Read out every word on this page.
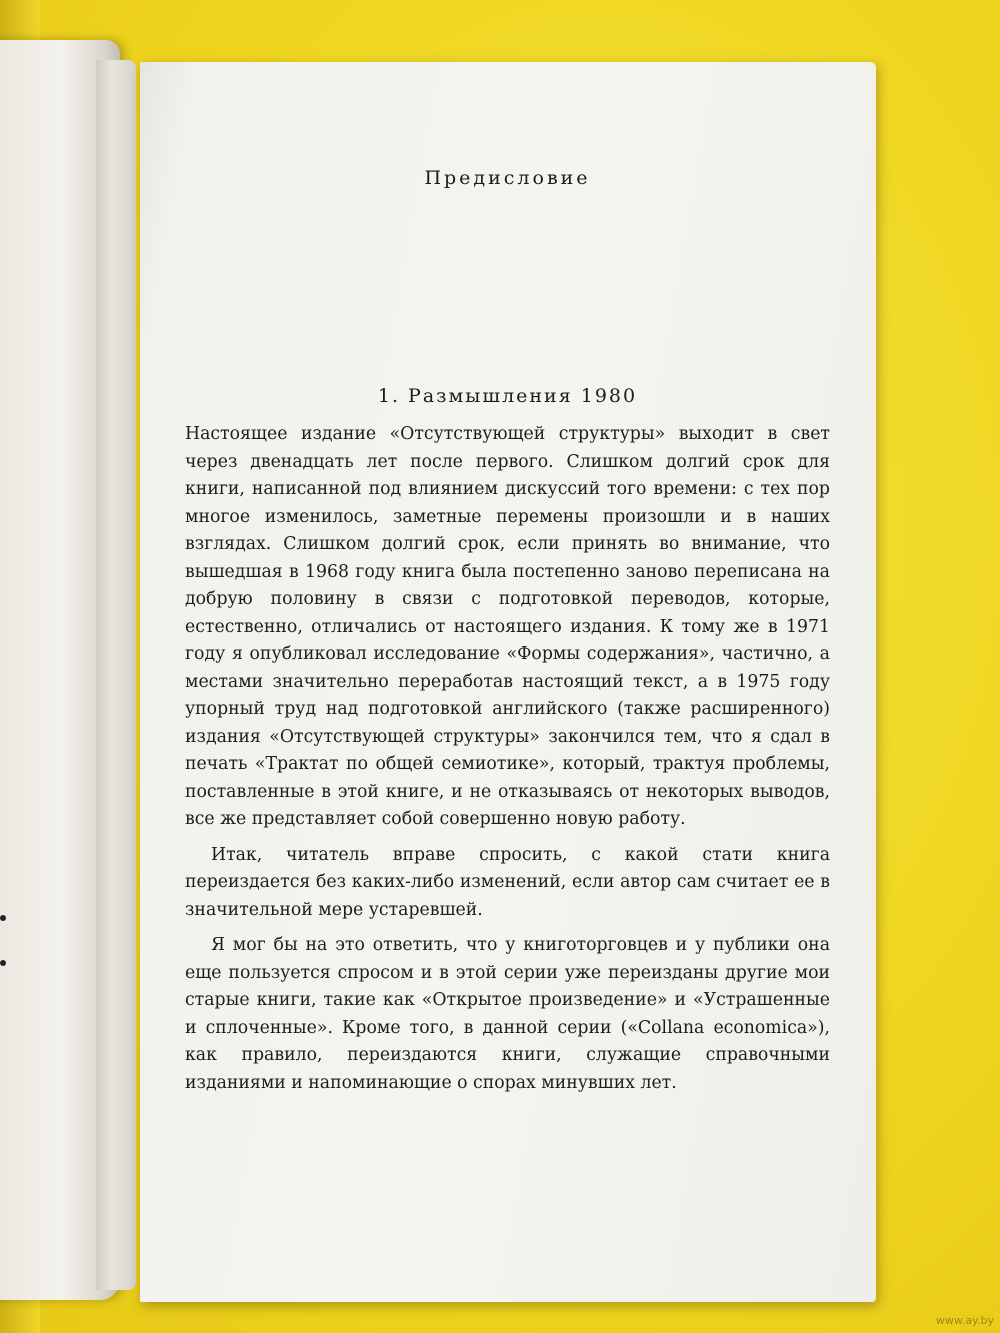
Предисловие
1. Размышления 1980

Настоящее издание «Отсутствующей структуры» выходит в свет через двенадцать лет после первого. Слишком долгий срок для книги, написанной под влиянием дискуссий того времени: с тех пор многое изменилось, заметные перемены произошли и в наших взглядах. Слишком долгий срок, если принять во внимание, что вышедшая в 1968 году книга была постепенно заново переписана на добрую половину в связи с подготовкой переводов, которые, естественно, отличались от настоящего издания. К тому же в 1971 году я опубликовал исследование «Формы содержания», частично, а местами значительно переработав настоящий текст, а в 1975 году упорный труд над подготовкой английского (также расширенного) издания «Отсутствующей структуры» закончился тем, что я сдал в печать «Трактат по общей семиотике», который, трактуя проблемы, поставленные в этой книге, и не отказываясь от некоторых выводов, все же представляет собой совершенно новую работу.

Итак, читатель вправе спросить, с какой стати книга переиздается без каких-либо изменений, если автор сам считает ее в значительной мере устаревшей.

Я мог бы на это ответить, что у книготорговцев и у публики она еще пользуется спросом и в этой серии уже переизданы другие мои старые книги, такие как «Открытое произведение» и «Устрашенные и сплоченные». Кроме того, в данной серии («Collana economica»), как правило, переиздаются книги, служащие справочными изданиями и напоминающие о спорах минувших лет.

www.ay.by
